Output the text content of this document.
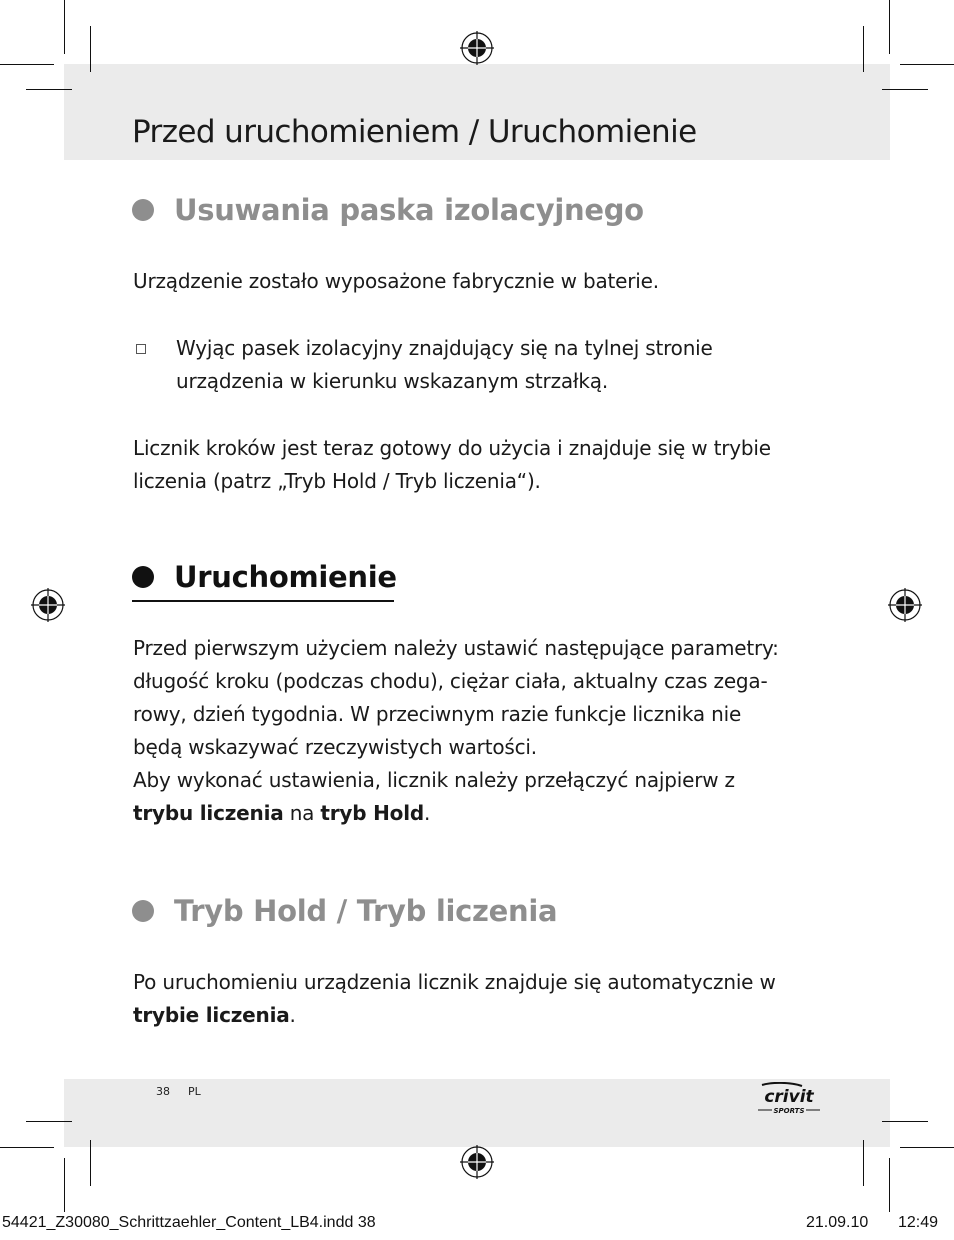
Przed uruchomieniem / Uruchomienie
Usuwania paska izolacyjnego

Urządzenie zostało wyposażone fabrycznie w baterie.

Wyjąc pasek izolacyjny znajdujący się na tylnej stronie
urządzenia w kierunku wskazanym strzałką.

Licznik kroków jest teraz gotowy do użycia i znajduje się w trybie
liczenia (patrz „Tryb Hold / Tryb liczenia“).

Uruchomienie

Przed pierwszym użyciem należy ustawić następujące parametry:
długość kroku (podczas chodu), ciężar ciała, aktualny czas zega-
rowy, dzień tygodnia. W przeciwnym razie funkcje licznika nie
będą wskazywać rzeczywistych wartości.
Aby wykonać ustawienia, licznik należy przełączyć najpierw z
trybu liczenia na tryb Hold.

Tryb Hold / Tryb liczenia

Po uruchomieniu urządzenia licznik znajduje się automatycznie w
trybie liczenia.

38 PL	crivit
SPORTS
54421_Z30080_Schrittzaehler_Content_LB4.indd 38	21.09.10 12:49
